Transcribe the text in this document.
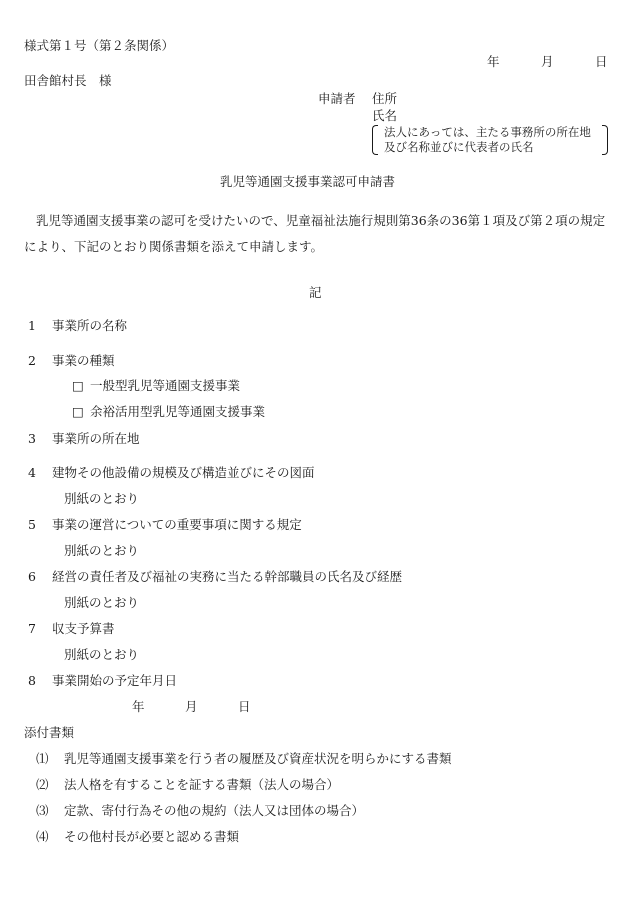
様式第１号（第２条関係）
年	月	日
田舎館村長　様
申請者 住所
氏名
法人にあっては、主たる事務所の所在地
及び名称並びに代表者の氏名
乳児等通園支援事業認可申請書
乳児等通園支援事業の認可を受けたいので、児童福祉法施行規則第36条の36第１項及び第２項の規定により、下記のとおり関係書類を添えて申請します。
記
1 事業所の名称
2 事業の種類
□ 一般型乳児等通園支援事業
□ 余裕活用型乳児等通園支援事業
3 事業所の所在地
4 建物その他設備の規模及び構造並びにその図面
別紙のとおり
5 事業の運営についての重要事項に関する規定
別紙のとおり
6 経営の責任者及び福祉の実務に当たる幹部職員の氏名及び経歴
別紙のとおり
7 収支予算書
別紙のとおり
8 事業開始の予定年月日
年	月	日
添付書類
⑴ 乳児等通園支援事業を行う者の履歴及び資産状況を明らかにする書類
⑵ 法人格を有することを証する書類（法人の場合）
⑶ 定款、寄付行為その他の規約（法人又は団体の場合）
⑷ その他村長が必要と認める書類
